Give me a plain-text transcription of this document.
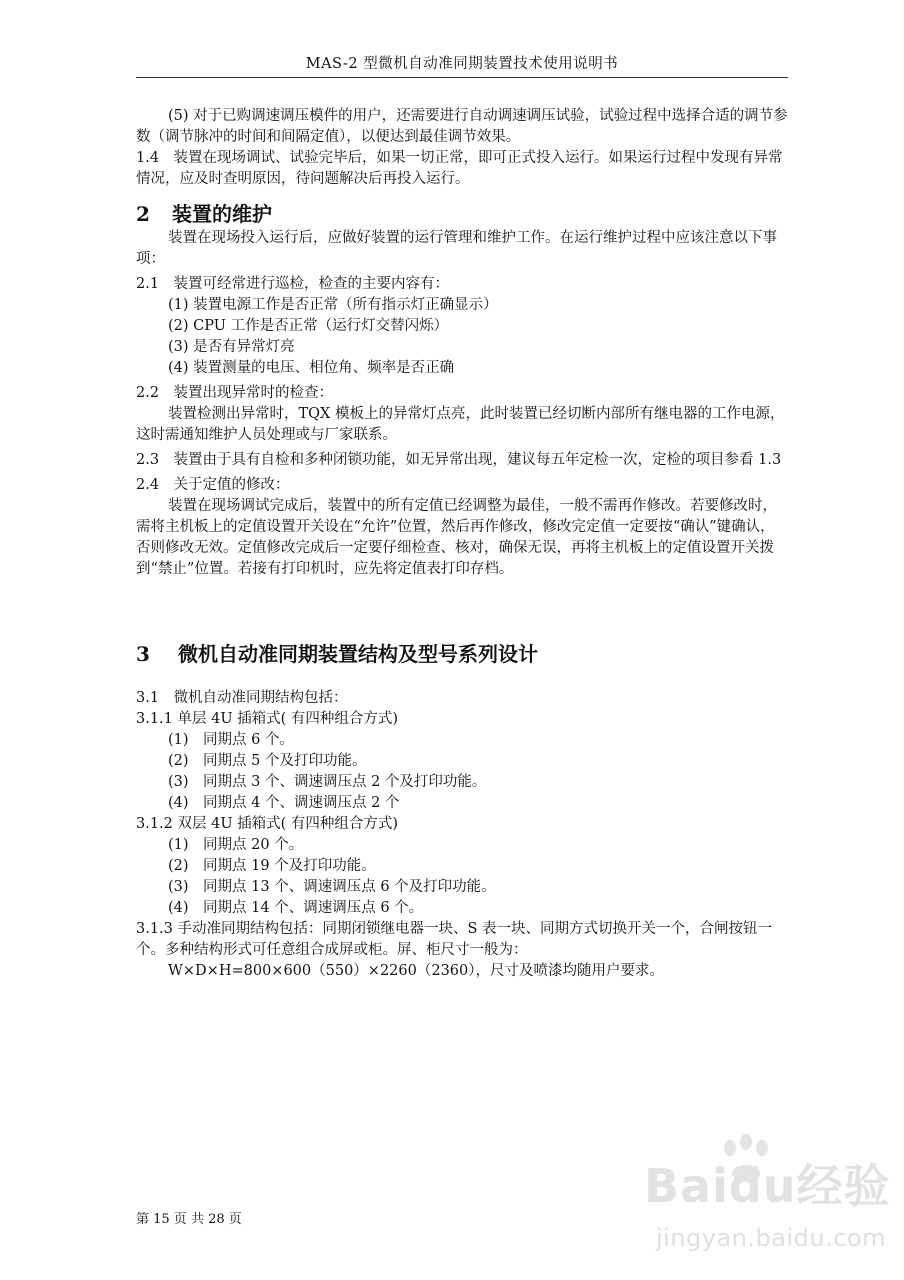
MAS-2 型微机自动准同期装置技术使用说明书

(5) 对于已购调速调压模件的用户，还需要进行自动调速调压试验，试验过程中选择合适的调节参数（调节脉冲的时间和间隔定值），以便达到最佳调节效果。

1.4　装置在现场调试、试验完毕后，如果一切正常，即可正式投入运行。如果运行过程中发现有异常情况，应及时查明原因，待问题解决后再投入运行。

2 装置的维护

装置在现场投入运行后，应做好装置的运行管理和维护工作。在运行维护过程中应该注意以下事项：

2.1　装置可经常进行巡检，检查的主要内容有：

(1) 装置电源工作是否正常（所有指示灯正确显示）

(2) CPU 工作是否正常（运行灯交替闪烁）

(3) 是否有异常灯亮

(4) 装置测量的电压、相位角、频率是否正确

2.2　装置出现异常时的检查：

装置检测出异常时，TQX 模板上的异常灯点亮，此时装置已经切断内部所有继电器的工作电源，这时需通知维护人员处理或与厂家联系。

2.3　装置由于具有自检和多种闭锁功能，如无异常出现，建议每五年定检一次，定检的项目参看 1.3

2.4　关于定值的修改：

装置在现场调试完成后，装置中的所有定值已经调整为最佳，一般不需再作修改。若要修改时，需将主机板上的定值设置开关设在“允许”位置，然后再作修改，修改完定值一定要按“确认”键确认，否则修改无效。定值修改完成后一定要仔细检查、核对，确保无误，再将主机板上的定值设置开关拨到“禁止”位置。若接有打印机时，应先将定值表打印存档。

3 微机自动准同期装置结构及型号系列设计

3.1　微机自动准同期结构包括：

3.1.1 单层 4U 插箱式( 有四种组合方式)

(1)　同期点 6 个。

(2)　同期点 5 个及打印功能。

(3)　同期点 3 个、调速调压点 2 个及打印功能。

(4)　同期点 4 个、调速调压点 2 个

3.1.2 双层 4U 插箱式( 有四种组合方式)

(1)　同期点 20 个。

(2)　同期点 19 个及打印功能。

(3)　同期点 13 个、调速调压点 6 个及打印功能。

(4)　同期点 14 个、调速调压点 6 个。

3.1.3 手动准同期结构包括：同期闭锁继电器一块、S 表一块、同期方式切换开关一个，合闸按钮一个。多种结构形式可任意组合成屏或柜。屏、柜尺寸一般为：

W×D×H=800×600（550）×2260（2360），尺寸及喷漆均随用户要求。

第 15 页 共 28 页
Baidu经验
jingyan.baidu.com
